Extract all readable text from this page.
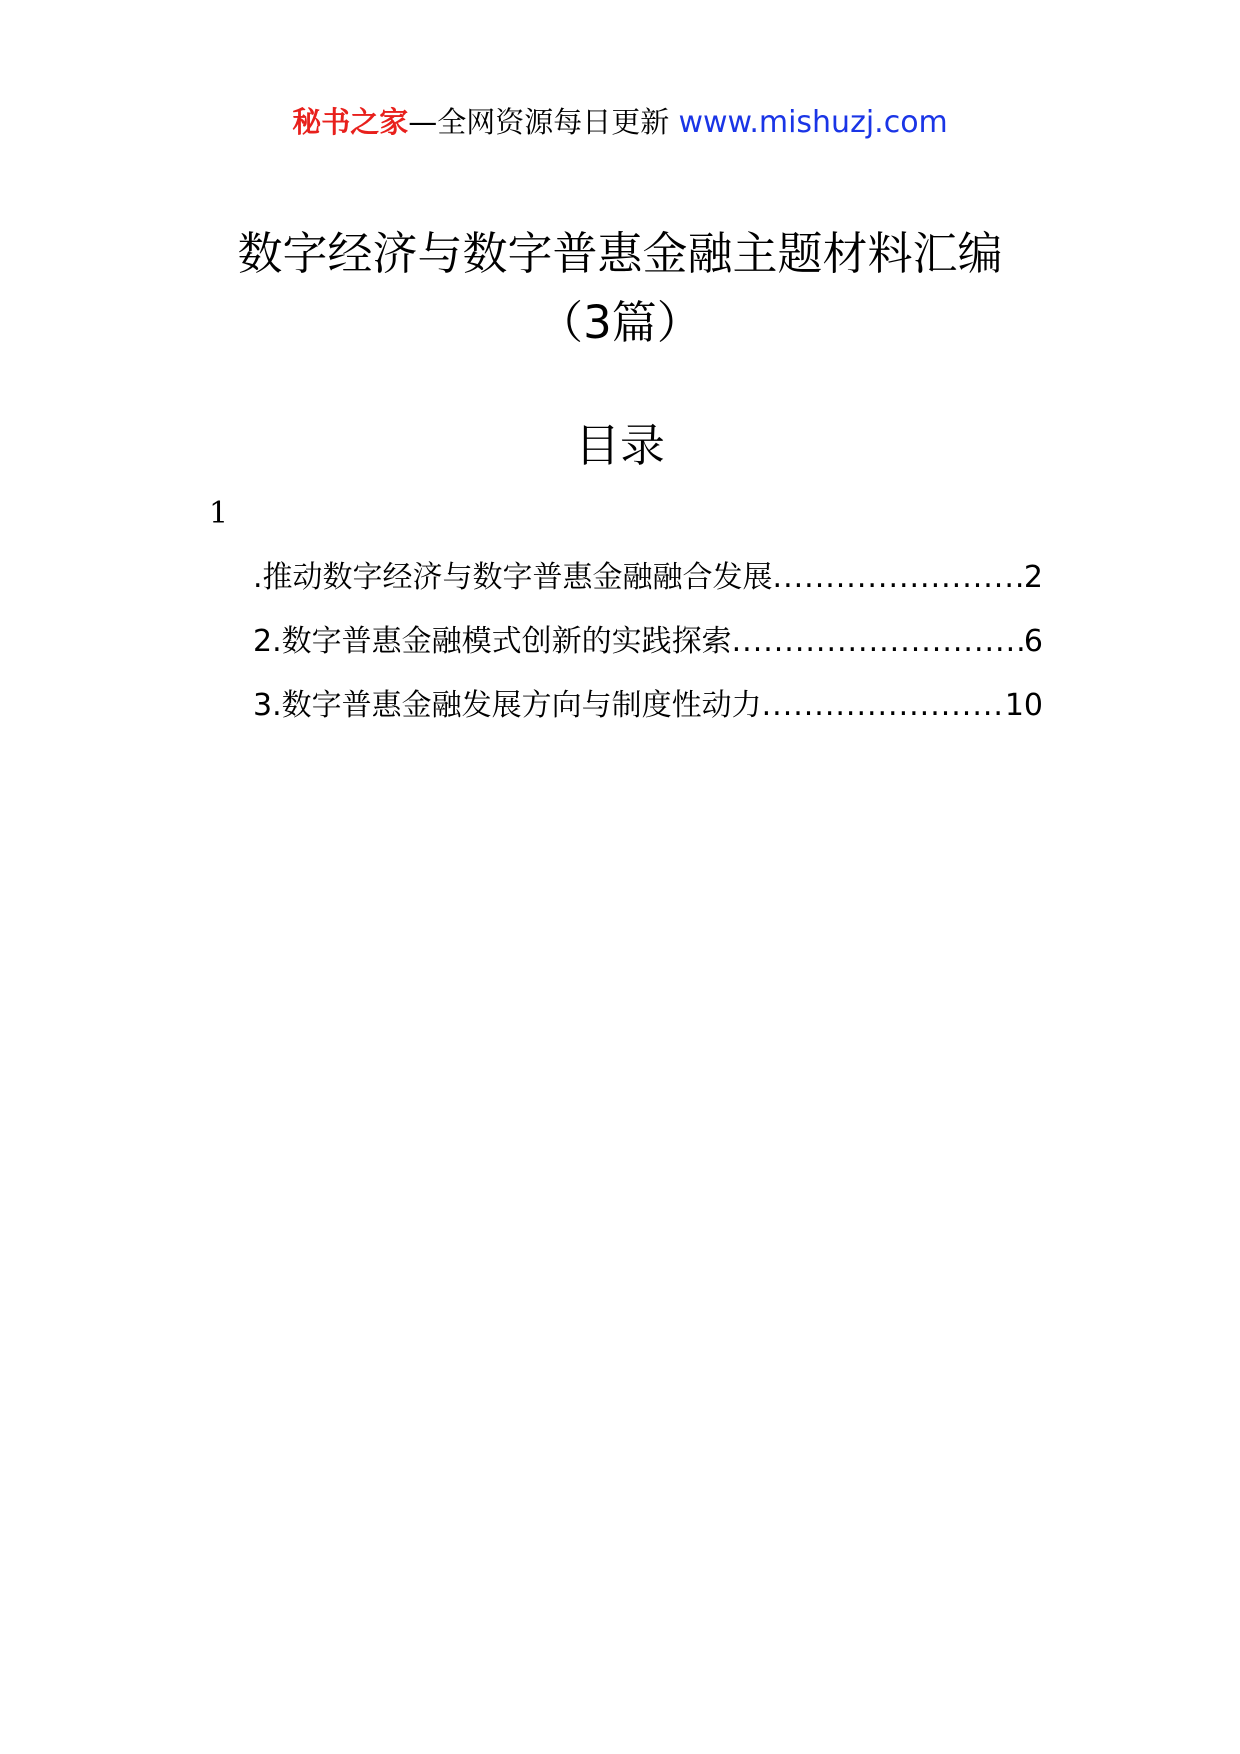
秘书之家—全网资源每日更新 www.mishuzj.com
数字经济与数字普惠金融主题材料汇编
（3篇）
目录
1
.推动数字经济与数字普惠金融融合发展 .....	2
2.数字普惠金融模式创新的实践探索 .....	6
3.数字普惠金融发展方向与制度性动力 .....	10
